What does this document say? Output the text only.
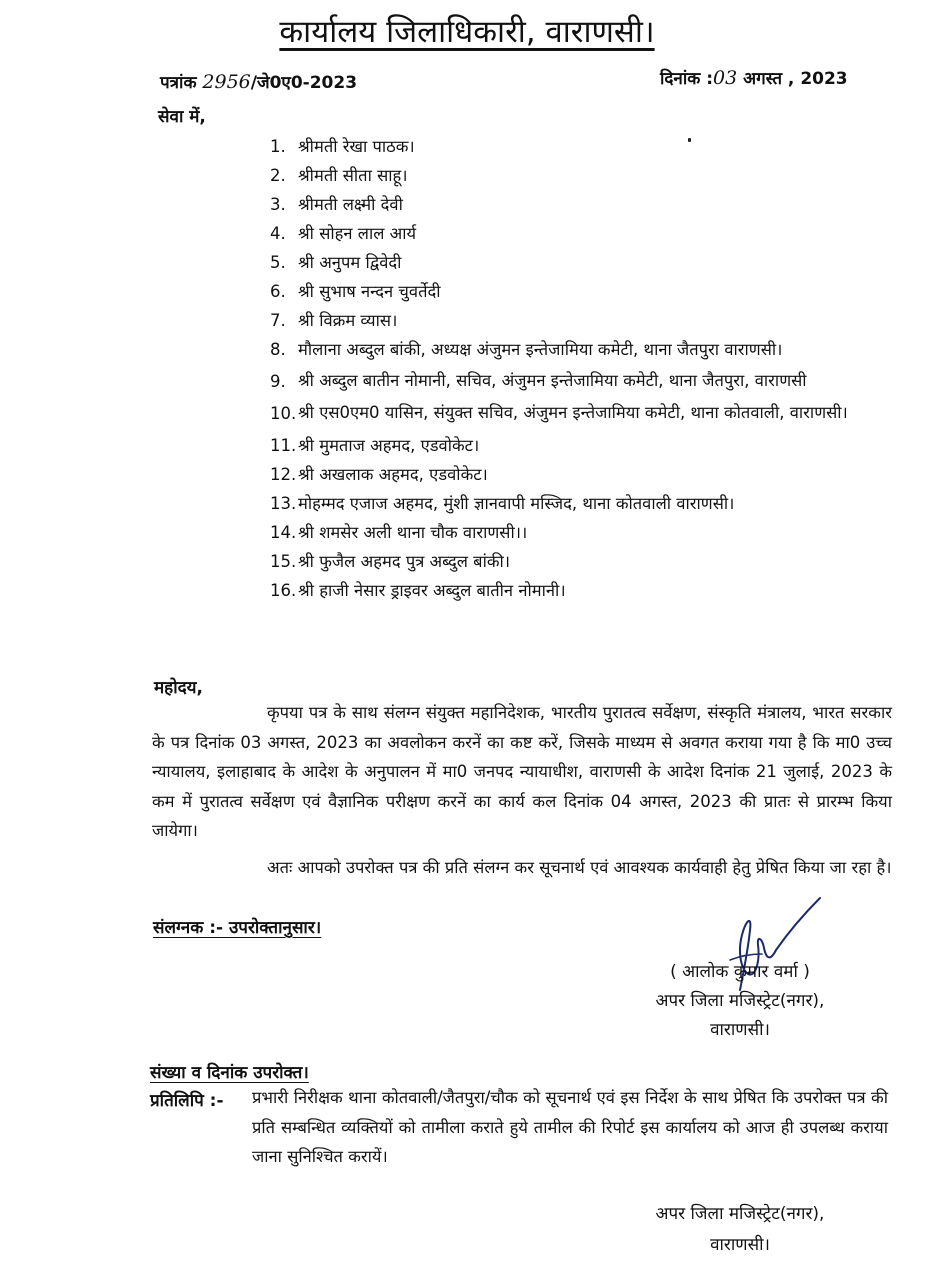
कार्यालय जिलाधिकारी, वाराणसी।
पत्रांक 2956/जे0ए0-2023	दिनांक :03 अगस्त , 2023
सेवा में,
1. श्रीमती रेखा पाठक।
2. श्रीमती सीता साहू।
3. श्रीमती लक्ष्मी देवी
4. श्री सोहन लाल आर्य
5. श्री अनुपम द्विवेदी
6. श्री सुभाष नन्दन चुवर्तेदी
7. श्री विक्रम व्यास।
8. मौलाना अब्दुल बांकी, अध्यक्ष अंजुमन इन्तेजामिया कमेटी, थाना जैतपुरा वाराणसी।
9. श्री अब्दुल बातीन नोमानी, सचिव, अंजुमन इन्तेजामिया कमेटी, थाना जैतपुरा, वाराणसी
10. श्री एस0एम0 यासिन, संयुक्त सचिव, अंजुमन इन्तेजामिया कमेटी, थाना कोतवाली, वाराणसी।
11. श्री मुमताज अहमद, एडवोकेट।
12. श्री अखलाक अहमद, एडवोकेट।
13. मोहम्मद एजाज अहमद, मुंशी ज्ञानवापी मस्जिद, थाना कोतवाली वाराणसी।
14. श्री शमसेर अली थाना चौक वाराणसी।।
15. श्री फुजैल अहमद पुत्र अब्दुल बांकी।
16. श्री हाजी नेसार ड्राइवर अब्दुल बातीन नोमानी।
महोदय,
कृपया पत्र के साथ संलग्न संयुक्त महानिदेशक, भारतीय पुरातत्व सर्वेक्षण, संस्कृति मंत्रालय, भारत सरकार के पत्र दिनांक 03 अगस्त, 2023 का अवलोकन करनें का कष्ट करें, जिसके माध्यम से अवगत कराया गया है कि मा0 उच्च न्यायालय, इलाहाबाद के आदेश के अनुपालन में मा0 जनपद न्यायाधीश, वाराणसी के आदेश दिनांक 21 जुलाई, 2023 के कम में पुरातत्व सर्वेक्षण एवं वैज्ञानिक परीक्षण करनें का कार्य कल दिनांक 04 अगस्त, 2023 की प्रातः से प्रारम्भ किया जायेगा।
अतः आपको उपरोक्त पत्र की प्रति संलग्न कर सूचनार्थ एवं आवश्यक कार्यवाही हेतु प्रेषित किया जा रहा है।
संलग्नक :- उपरोक्तानुसार।
( आलोक कुमार वर्मा )
अपर जिला मजिस्ट्रेट(नगर),
वाराणसी।
संख्या व दिनांक उपरोक्त।
प्रतिलिपि :- प्रभारी निरीक्षक थाना कोतवाली/जैतपुरा/चौक को सूचनार्थ एवं इस निर्देश के साथ प्रेषित कि उपरोक्त पत्र की प्रति सम्बन्धित व्यक्तियों को तामीला कराते हुये तामील की रिपोर्ट इस कार्यालय को आज ही उपलब्ध कराया जाना सुनिश्चित करायें।
अपर जिला मजिस्ट्रेट(नगर),
वाराणसी।
